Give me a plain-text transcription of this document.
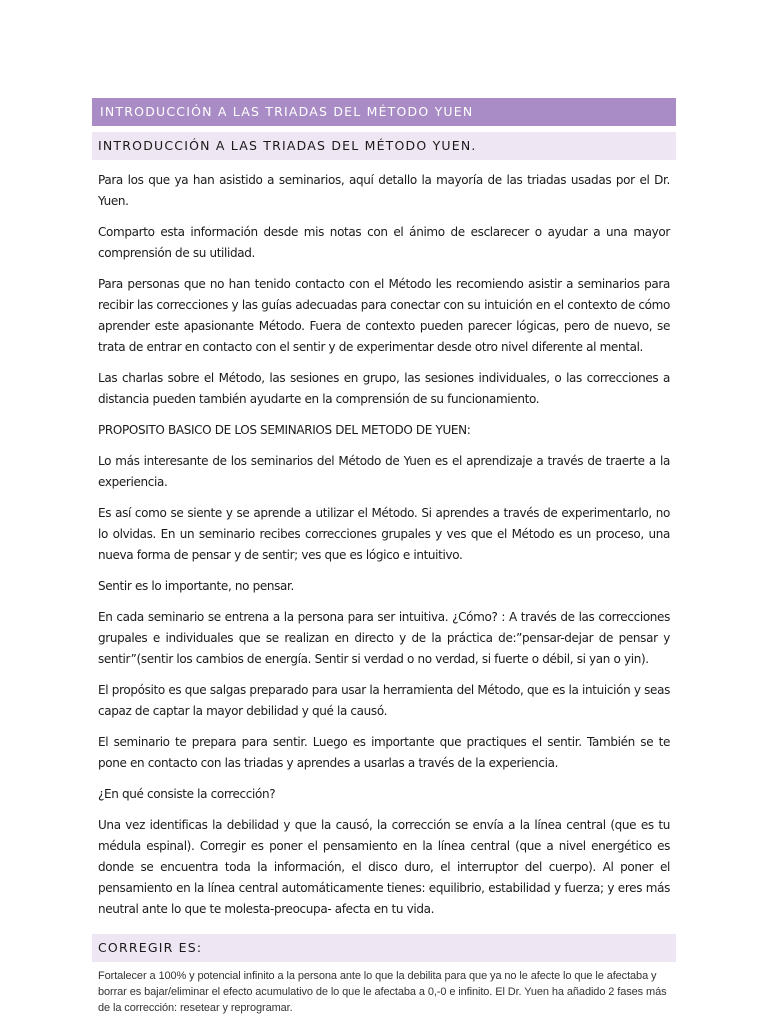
INTRODUCCIÓN A LAS TRIADAS DEL MÉTODO YUEN
INTRODUCCIÓN A LAS TRIADAS DEL MÉTODO YUEN.

Para los que ya han asistido a seminarios, aquí detallo la mayoría de las triadas usadas por el Dr. Yuen.

Comparto esta información desde mis notas con el ánimo de esclarecer o ayudar a una mayor comprensión de su utilidad.

Para personas que no han tenido contacto con el Método les recomiendo asistir a seminarios para recibir las correcciones y las guías adecuadas para conectar con su intuición en el contexto de cómo aprender este apasionante Método. Fuera de contexto pueden parecer lógicas, pero de nuevo, se trata de entrar en contacto con el sentir y de experimentar desde otro nivel diferente al mental.

Las charlas sobre el Método, las sesiones en grupo, las sesiones individuales, o las correcciones a distancia pueden también ayudarte en la comprensión de su funcionamiento.

PROPOSITO BASICO DE LOS SEMINARIOS DEL METODO DE YUEN:

Lo más interesante de los seminarios del Método de Yuen es el aprendizaje a través de traerte a la experiencia.

Es así como se siente y se aprende a utilizar el Método. Si aprendes a través de experimentarlo, no lo olvidas. En un seminario recibes correcciones grupales y ves que el Método es un proceso, una nueva forma de pensar y de sentir; ves que es lógico e intuitivo.

Sentir es lo importante, no pensar.

En cada seminario se entrena a la persona para ser intuitiva. ¿Cómo? : A través de las correcciones grupales e individuales que se realizan en directo y de la práctica de:”pensar-dejar de pensar y sentir”(sentir los cambios de energía. Sentir si verdad o no verdad, si fuerte o débil, si yan o yin).

El propósito es que salgas preparado para usar la herramienta del Método, que es la intuición y seas capaz de captar la mayor debilidad y qué la causó.

El seminario te prepara para sentir. Luego es importante que practiques el sentir. También se te pone en contacto con las triadas y aprendes a usarlas a través de la experiencia.

¿En qué consiste la corrección?

Una vez identificas la debilidad y que la causó, la corrección se envía a la línea central (que es tu médula espinal). Corregir es poner el pensamiento en la línea central (que a nivel energético es donde se encuentra toda la información, el disco duro, el interruptor del cuerpo). Al poner el pensamiento en la línea central automáticamente tienes: equilibrio, estabilidad y fuerza; y eres más neutral ante lo que te molesta-preocupa- afecta en tu vida.

CORREGIR ES:

Fortalecer a 100% y potencial infinito a la persona ante lo que la debilita para que ya no le afecte lo que le afectaba y borrar es bajar/eliminar el efecto acumulativo de lo que le afectaba a 0,-0 e infinito. El Dr. Yuen ha añadido 2 fases más de la corrección: resetear y reprogramar.
